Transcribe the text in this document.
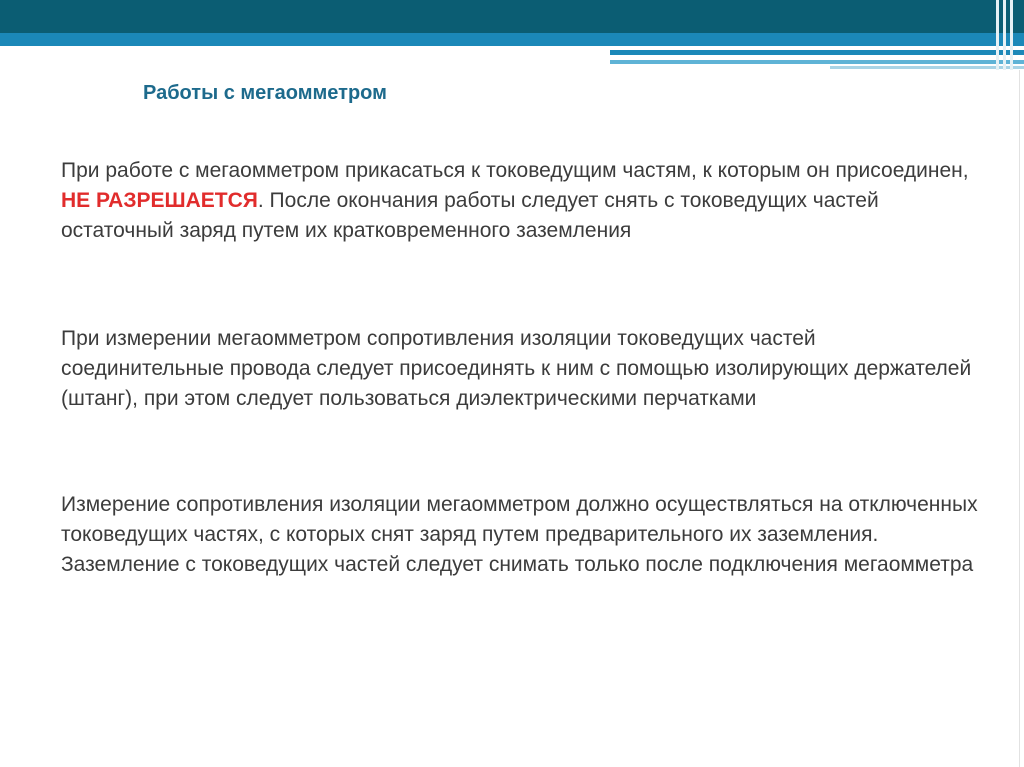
Работы с мегаомметром

При работе с мегаомметром прикасаться к токоведущим частям, к которым он присоединен, НЕ РАЗРЕШАЕТСЯ. После окончания работы следует снять с токоведущих частей остаточный заряд путем их кратковременного заземления

При измерении мегаомметром сопротивления изоляции токоведущих частей соединительные провода следует присоединять к ним с помощью изолирующих держателей (штанг), при этом следует пользоваться диэлектрическими перчатками

Измерение сопротивления изоляции мегаомметром должно осуществляться на отключенных токоведущих частях, с которых снят заряд путем предварительного их заземления. Заземление с токоведущих частей следует снимать только после подключения мегаомметра
